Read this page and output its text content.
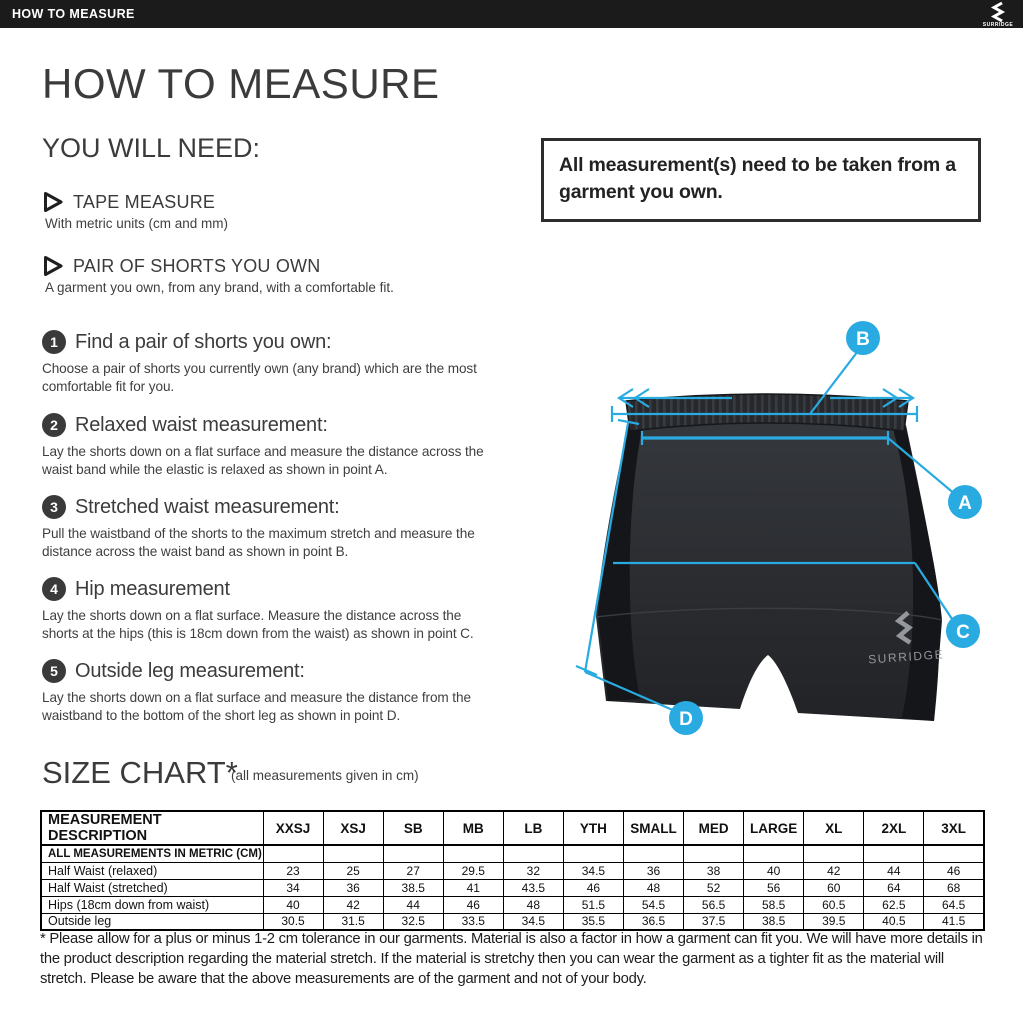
HOW TO MEASURE
SURRIDGE
HOW TO MEASURE
YOU WILL NEED:

All measurement(s) need to be taken from a garment you own.

TAPE MEASURE
With metric units (cm and mm)
PAIR OF SHORTS YOU OWN
A garment you own, from any brand, with a comfortable fit.
1 Find a pair of shorts you own:

Choose a pair of shorts you currently own (any brand) which are the most comfortable fit for you.

2 Relaxed waist measurement:

Lay the shorts down on a flat surface and measure the distance across the waist band while the elastic is relaxed as shown in point A.

3 Stretched waist measurement:

Pull the waistband of the shorts to the maximum stretch and measure the distance across the waist band as shown in point B.

4 Hip measurement

Lay the shorts down on a flat surface. Measure the distance across the shorts at the hips (this is 18cm down from the waist) as shown in point C.

5 Outside leg measurement:

Lay the shorts down on a flat surface and measure the distance from the waistband to the bottom of the short leg as shown in point D.

SURRIDGE
B
A
C
D
SIZE CHART*
(all measurements given in cm)
MEASUREMENT DESCRIPTION	XXSJ	XSJ	SB	MB	LB	YTH	SMALL	MED	LARGE	XL	2XL	3XL
ALL MEASUREMENTS IN METRIC (CM)												
Half Waist (relaxed)	23	25	27	29.5	32	34.5	36	38	40	42	44	46
Half Waist (stretched)	34	36	38.5	41	43.5	46	48	52	56	60	64	68
Hips (18cm down from waist)	40	42	44	46	48	51.5	54.5	56.5	58.5	60.5	62.5	64.5
Outside leg	30.5	31.5	32.5	33.5	34.5	35.5	36.5	37.5	38.5	39.5	40.5	41.5

* Please allow for a plus or minus 1-2 cm tolerance in our garments. Material is also a factor in how a garment can fit you. We will have more details in the product description regarding the material stretch. If the material is stretchy then you can wear the garment as a tighter fit as the material will stretch. Please be aware that the above measurements are of the garment and not of your body.
